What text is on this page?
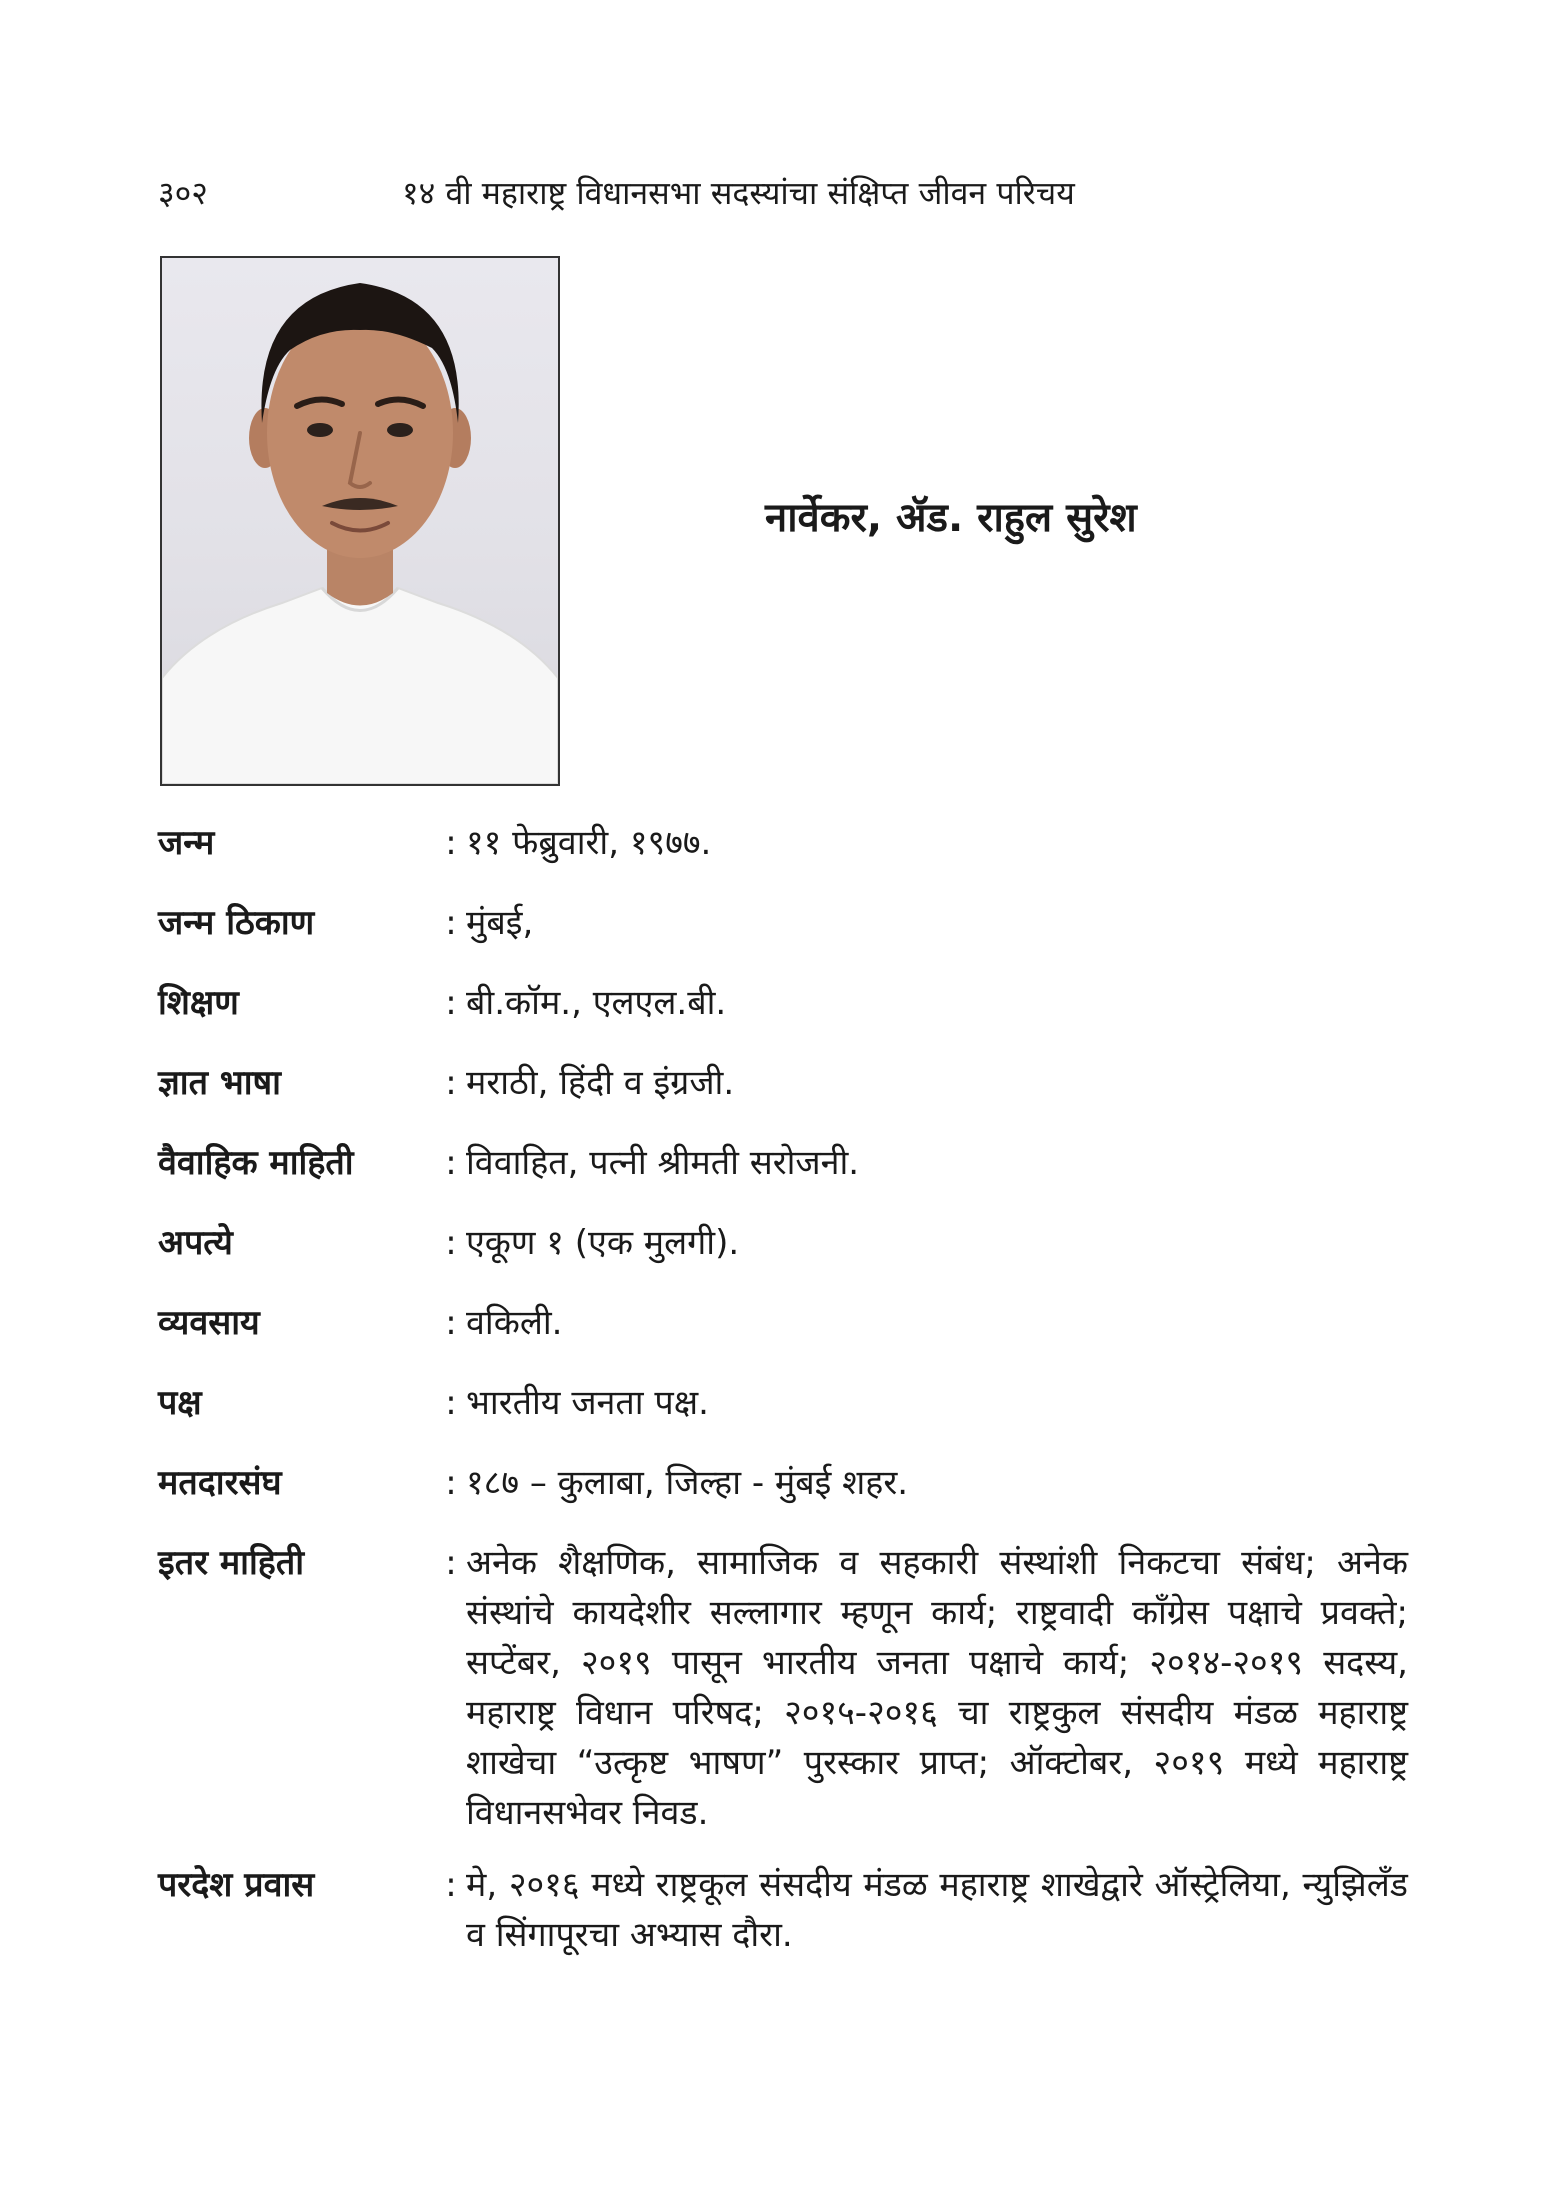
३०२	१४ वी महाराष्ट्र विधानसभा सदस्यांचा संक्षिप्त जीवन परिचय
नार्वेकर, ॲड. राहुल सुरेश
जन्म	: ११ फेब्रुवारी, १९७७.
जन्म ठिकाण	: मुंबई,
शिक्षण	: बी.कॉम., एलएल.बी.
ज्ञात भाषा	: मराठी, हिंदी व इंग्रजी.
वैवाहिक माहिती	: विवाहित, पत्नी श्रीमती सरोजनी.
अपत्ये	: एकूण १ (एक मुलगी).
व्यवसाय	: वकिली.
पक्ष	: भारतीय जनता पक्ष.
मतदारसंघ	: १८७ – कुलाबा, जिल्हा - मुंबई शहर.
इतर माहिती	: अनेक शैक्षणिक, सामाजिक व सहकारी संस्थांशी निकटचा संबंध; अनेक संस्थांचे कायदेशीर सल्लागार म्हणून कार्य; राष्ट्रवादी काँग्रेस पक्षाचे प्रवक्ते; सप्टेंबर, २०१९ पासून भारतीय जनता पक्षाचे कार्य; २०१४-२०१९ सदस्य, महाराष्ट्र विधान परिषद; २०१५-२०१६ चा राष्ट्रकुल संसदीय मंडळ महाराष्ट्र शाखेचा “उत्कृष्ट भाषण” पुरस्कार प्राप्त; ऑक्टोबर, २०१९ मध्ये महाराष्ट्र विधानसभेवर निवड.
परदेश प्रवास	: मे, २०१६ मध्ये राष्ट्रकूल संसदीय मंडळ महाराष्ट्र शाखेद्वारे ऑस्ट्रेलिया, न्युझिलँड व सिंगापूरचा अभ्यास दौरा.
